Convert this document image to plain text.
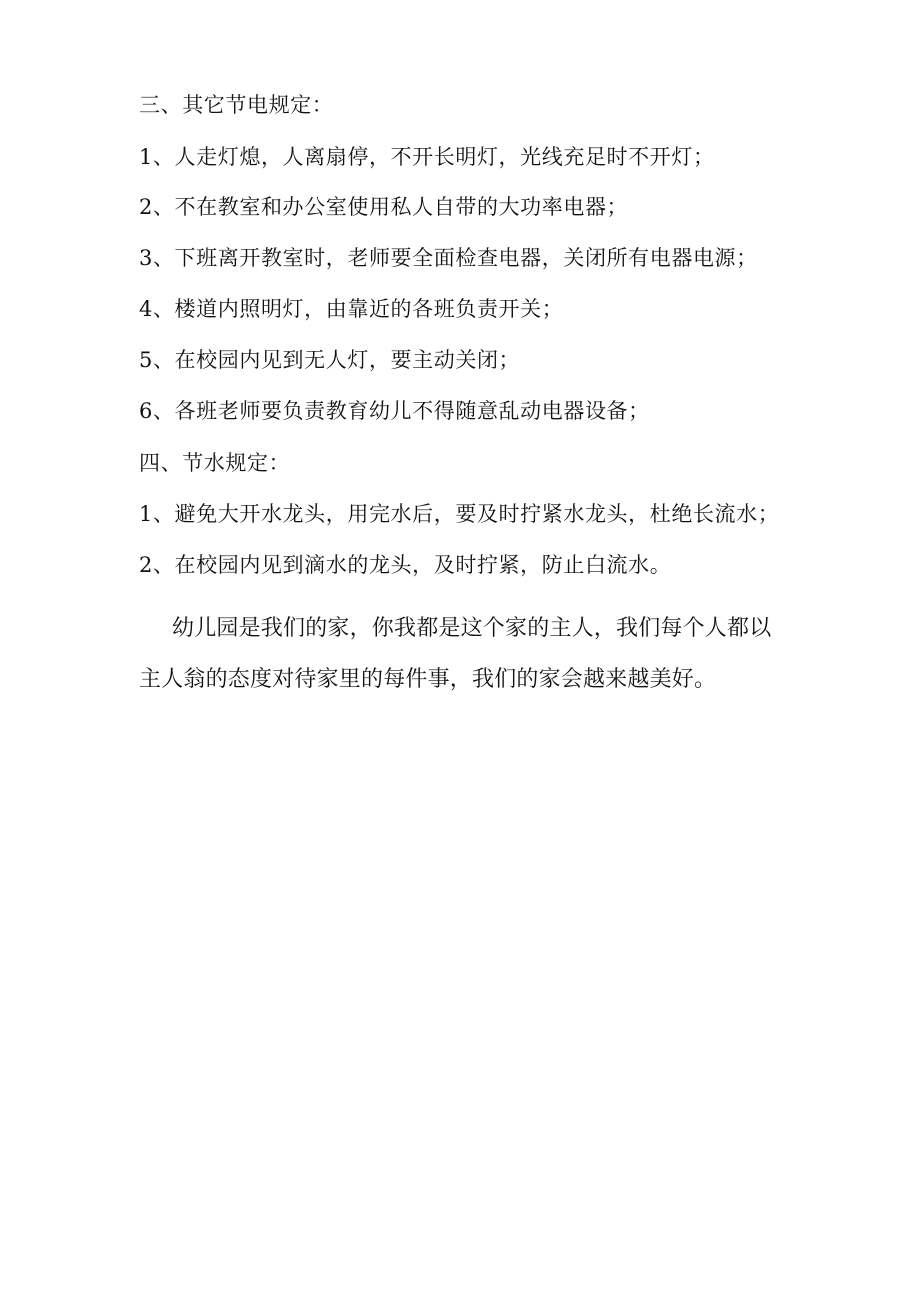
三、其它节电规定：

1、人走灯熄，人离扇停，不开长明灯，光线充足时不开灯；

2、不在教室和办公室使用私人自带的大功率电器；

3、下班离开教室时，老师要全面检查电器，关闭所有电器电源；

4、楼道内照明灯，由靠近的各班负责开关；

5、在校园内见到无人灯，要主动关闭；

6、各班老师要负责教育幼儿不得随意乱动电器设备；

四、节水规定：

1、避免大开水龙头，用完水后，要及时拧紧水龙头，杜绝长流水；

2、在校园内见到滴水的龙头，及时拧紧，防止白流水。

幼儿园是我们的家，你我都是这个家的主人，我们每个人都以主人翁的态度对待家里的每件事，我们的家会越来越美好。
